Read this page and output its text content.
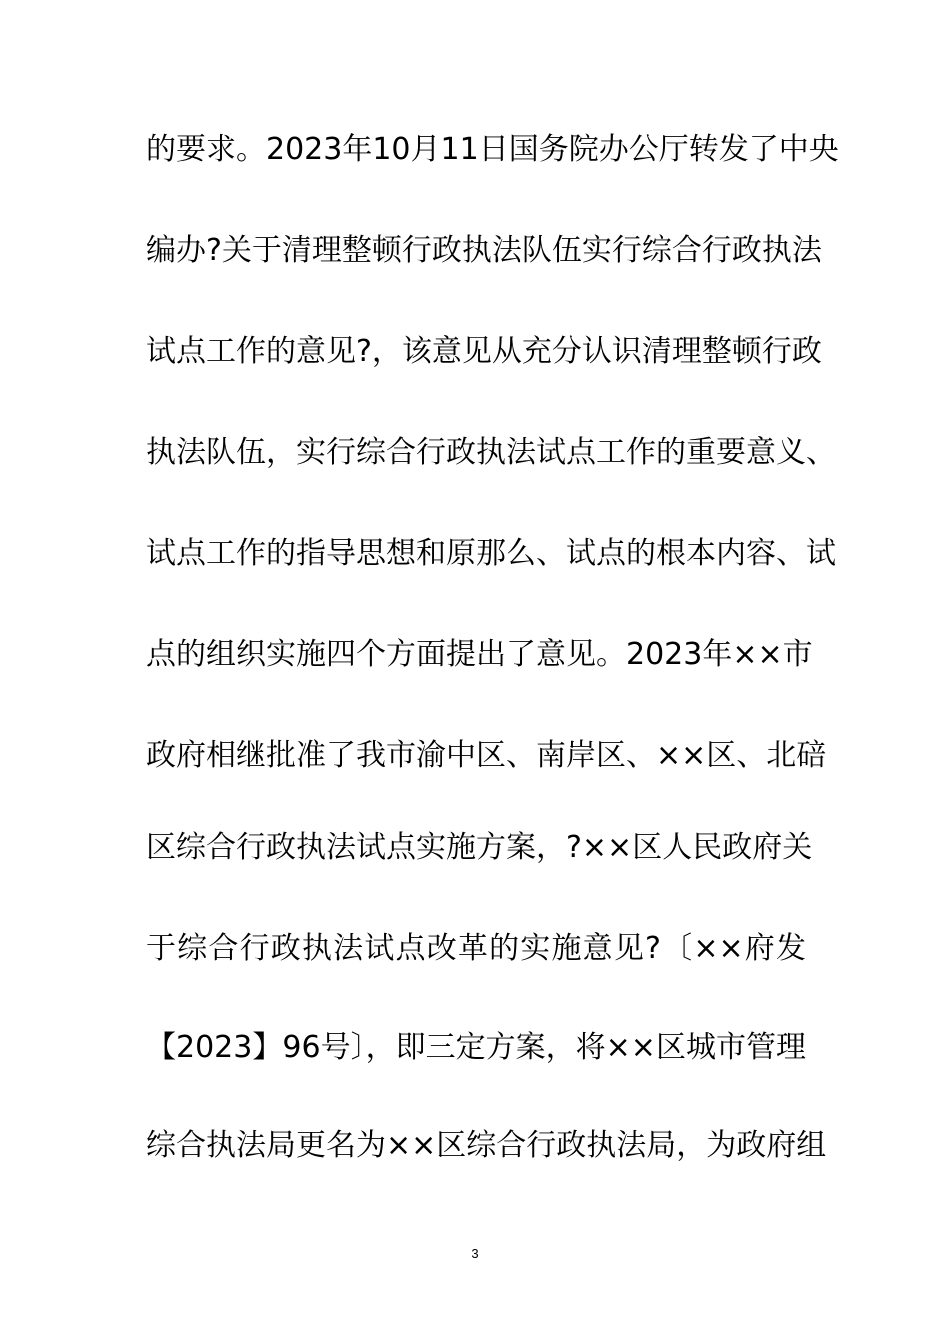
的要求。2023年10月11日国务院办公厅转发了中央
编办?关于清理整顿行政执法队伍实行综合行政执法
试点工作的意见?，该意见从充分认识清理整顿行政
执法队伍，实行综合行政执法试点工作的重要意义、
试点工作的指导思想和原那么、试点的根本内容、试
点的组织实施四个方面提出了意见。2023年××市
政府相继批准了我市渝中区、南岸区、××区、北碚
区综合行政执法试点实施方案，?××区人民政府关
于综合行政执法试点改革的实施意见?〔××府发
【2023】96号〕，即三定方案，将××区城市管理
综合执法局更名为××区综合行政执法局，为政府组
3
